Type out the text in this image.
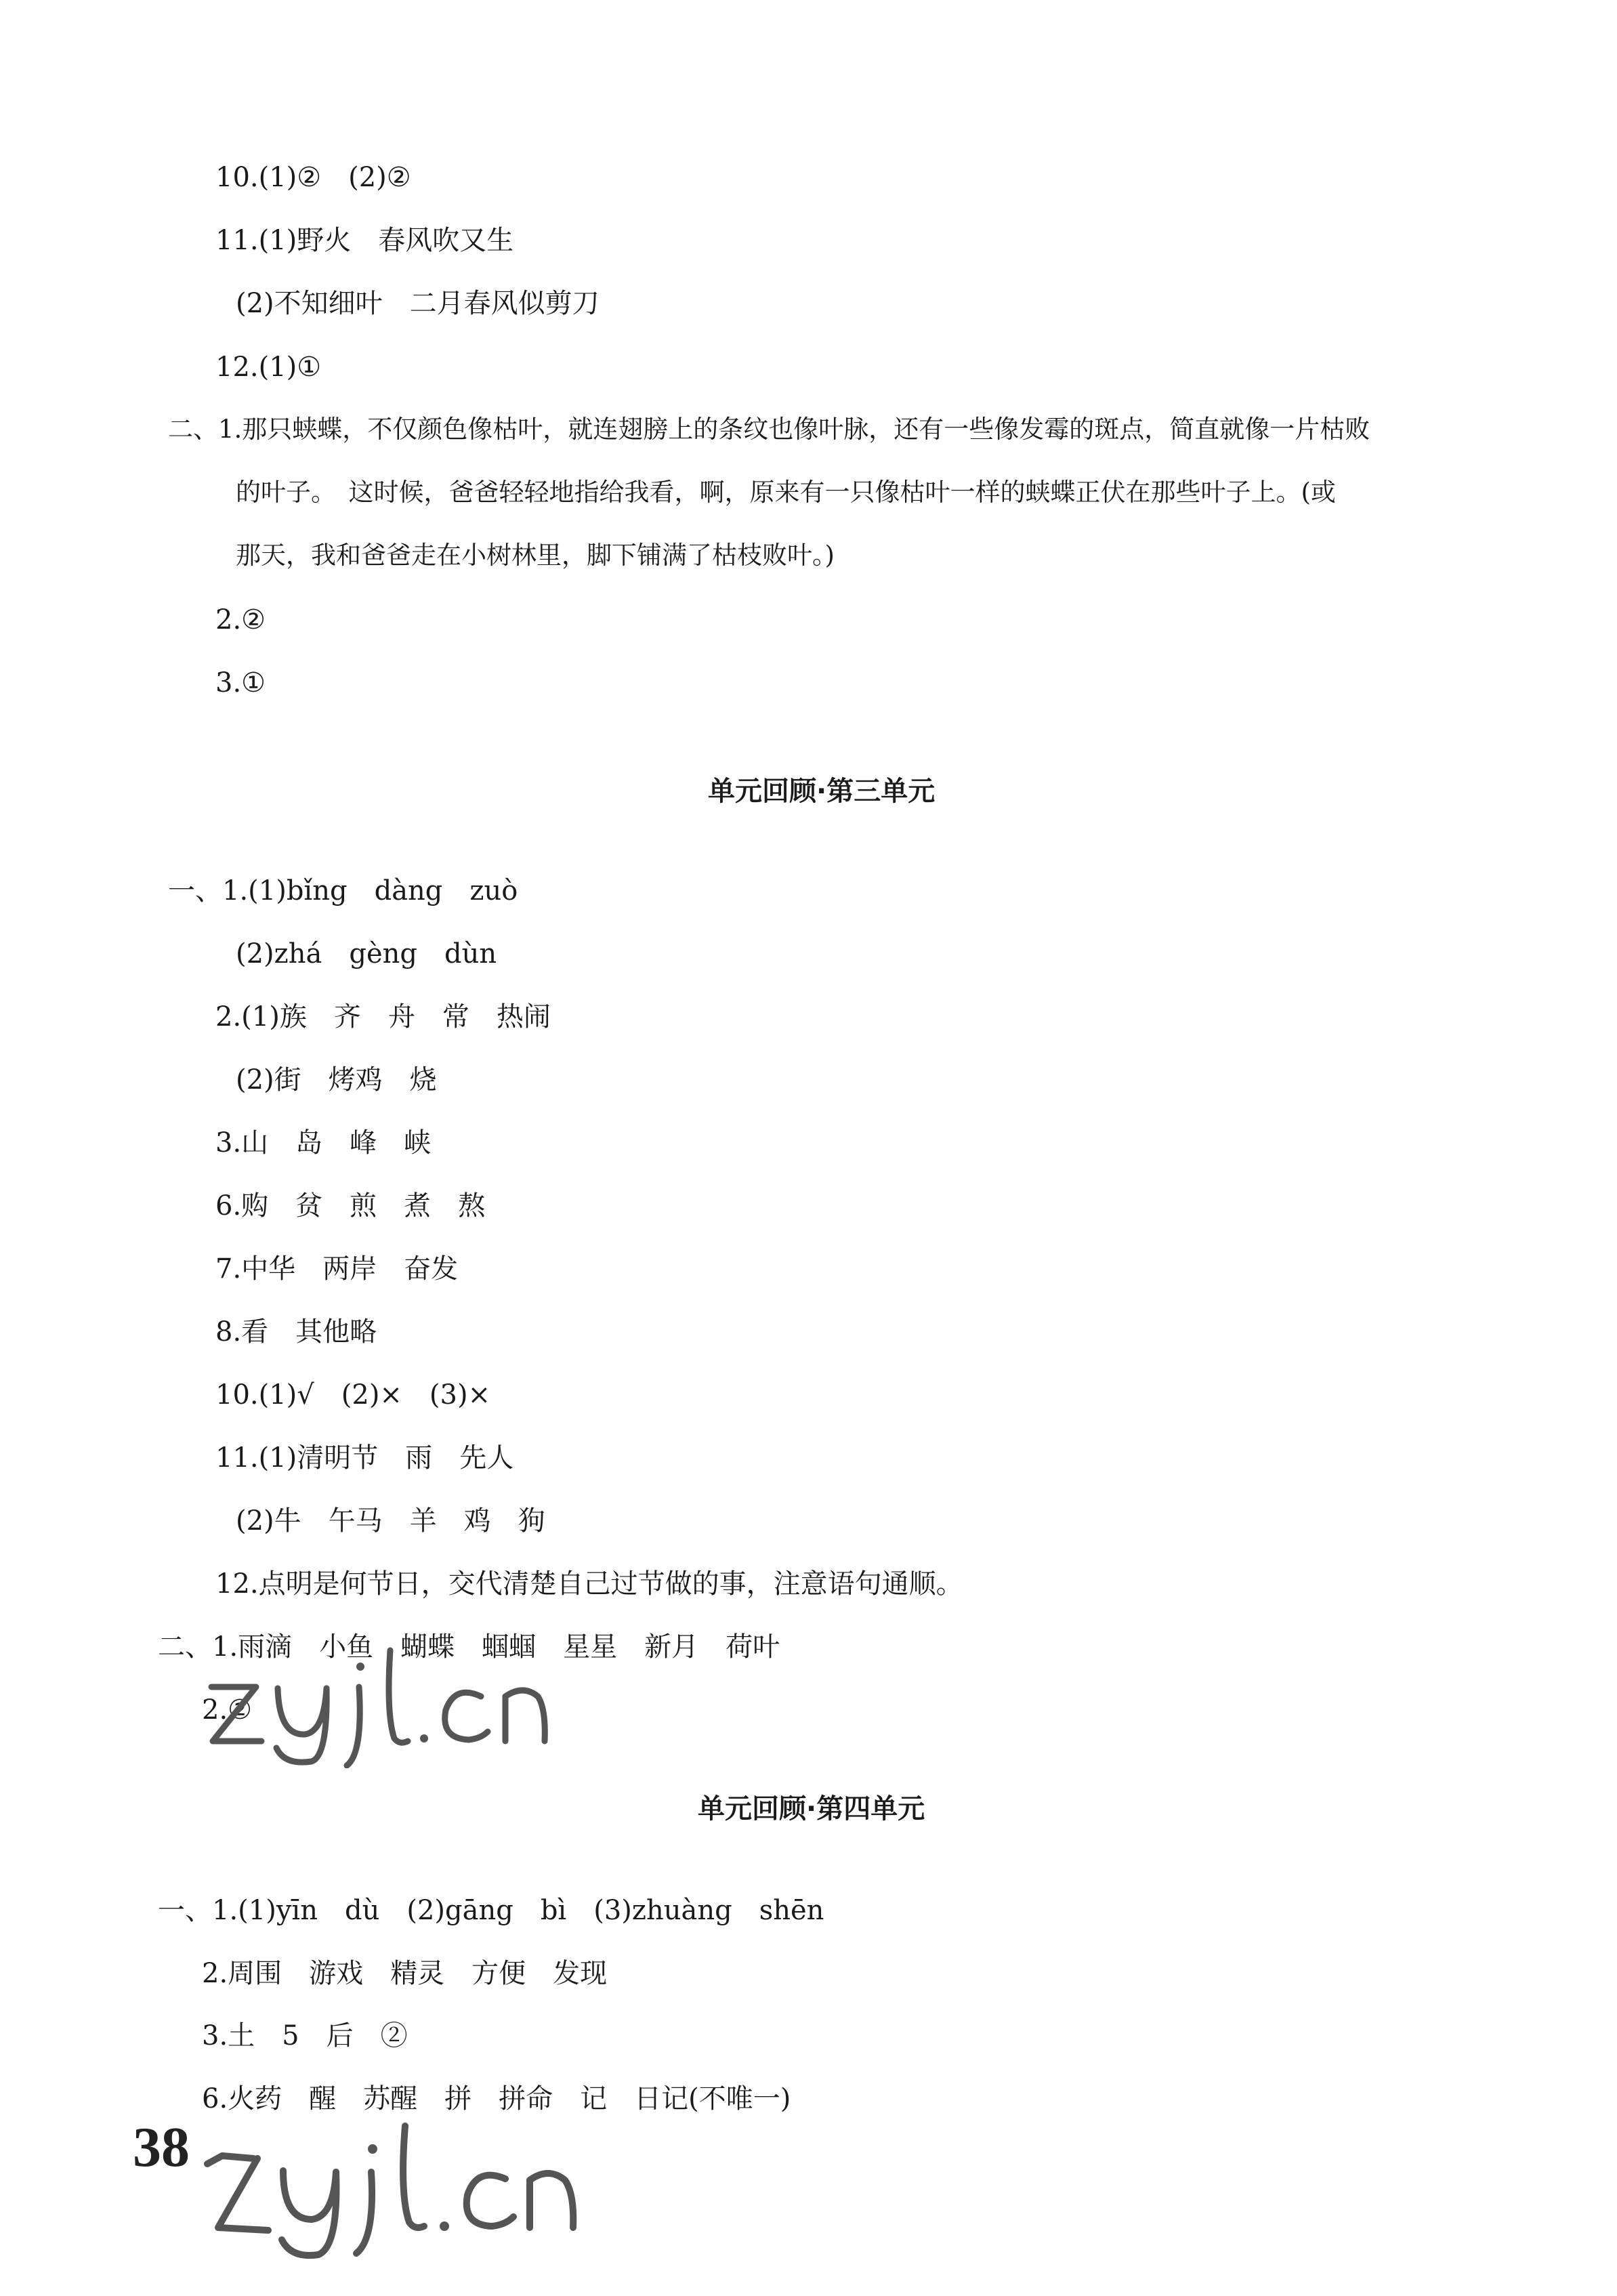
10.(1)②　(2)②
11.(1)野火　春风吹又生
(2)不知细叶　二月春风似剪刀
12.(1)①
二、1.那只蛱蝶，不仅颜色像枯叶，就连翅膀上的条纹也像叶脉，还有一些像发霉的斑点，简直就像一片枯败
的叶子。　这时候，爸爸轻轻地指给我看，啊，原来有一只像枯叶一样的蛱蝶正伏在那些叶子上。(或
那天，我和爸爸走在小树林里，脚下铺满了枯枝败叶。)
2.②
3.①
单元回顾·第三单元
一、1.(1)bǐng　dàng　zuò
(2)zhá　gèng　dùn
2.(1)族　齐　舟　常　热闹
(2)街　烤鸡　烧
3.山　岛　峰　峡
6.购　贫　煎　煮　熬
7.中华　两岸　奋发
8.看　其他略
10.(1)√　(2)×　(3)×
11.(1)清明节　雨　先人
(2)牛　午马　羊　鸡　狗
12.点明是何节日，交代清楚自己过节做的事，注意语句通顺。
二、1.雨滴　小鱼　蝴蝶　蝈蝈　星星　新月　荷叶
2.②
单元回顾·第四单元
一、1.(1)yīn　dù　(2)gāng　bì　(3)zhuàng　shēn
2.周围　游戏　精灵　方便　发现
3.土　5　后　②
6.火药　醒　苏醒　拼　拼命　记　日记(不唯一)
38
